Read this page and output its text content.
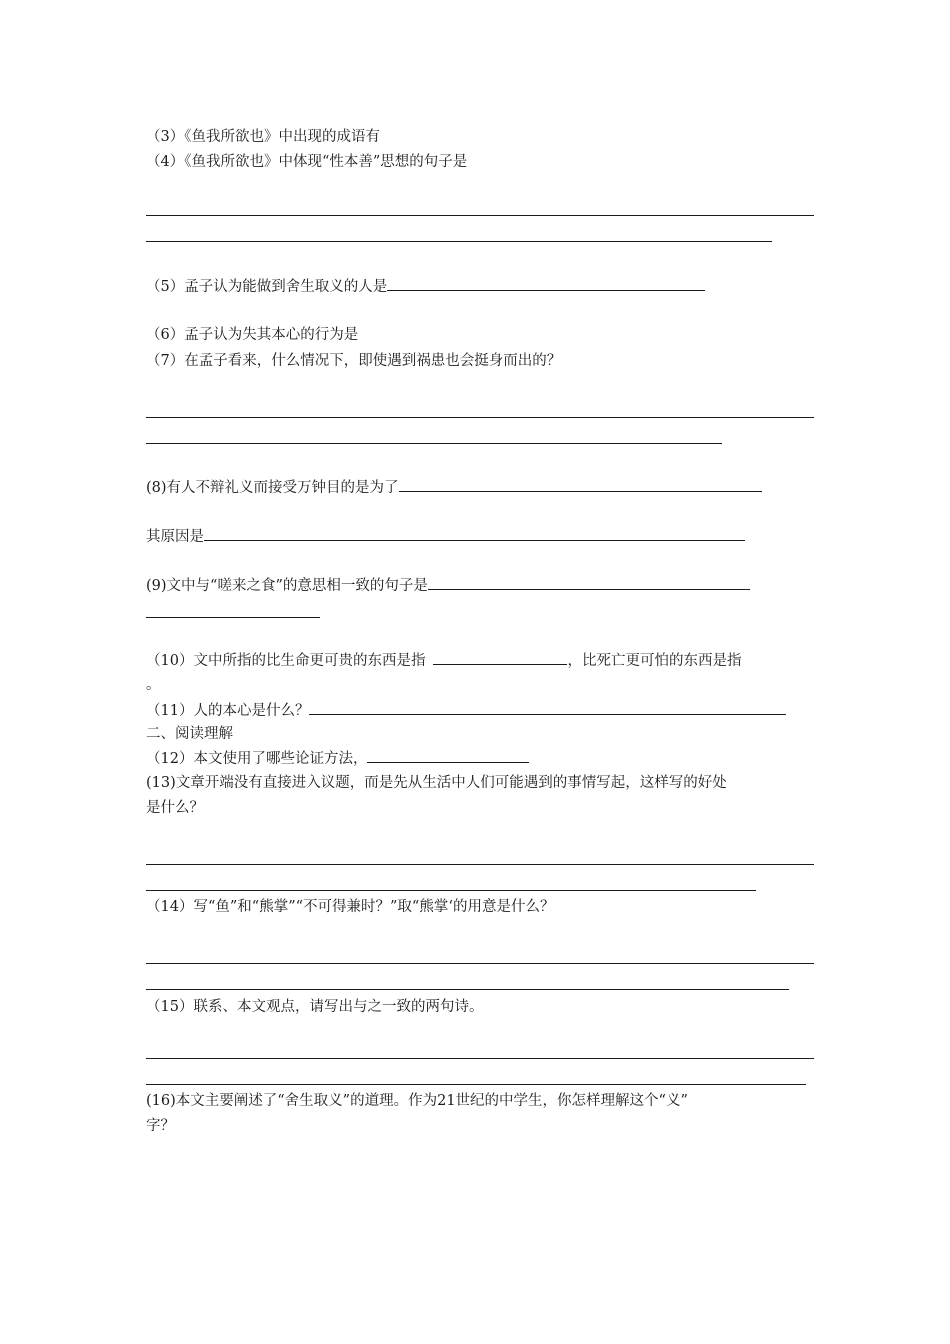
（3）《鱼我所欲也》中出现的成语有
（4）《鱼我所欲也》中体现“性本善”思想的句子是
（5）孟子认为能做到舍生取义的人是
（6）孟子认为失其本心的行为是
（7）在孟子看来，什么情况下，即使遇到祸患也会挺身而出的？
(8)有人不辩礼义而接受万钟目的是为了
其原因是
(9)文中与“嗟来之食”的意思相一致的句子是
（10）文中所指的比生命更可贵的东西是指	，比死亡更可怕的东西是指
。
（11）人的本心是什么？
二、阅读理解
（12）本文使用了哪些论证方法，
(13)文章开端没有直接进入议题，而是先从生活中人们可能遇到的事情写起，这样写的好处
是什么？
（14）写“鱼”和“熊掌”“不可得兼时？”取“熊掌‘的用意是什么？
（15）联系、本文观点，请写出与之一致的两句诗。
(16)本文主要阐述了“舍生取义”的道理。作为21世纪的中学生，你怎样理解这个“义”
字？
